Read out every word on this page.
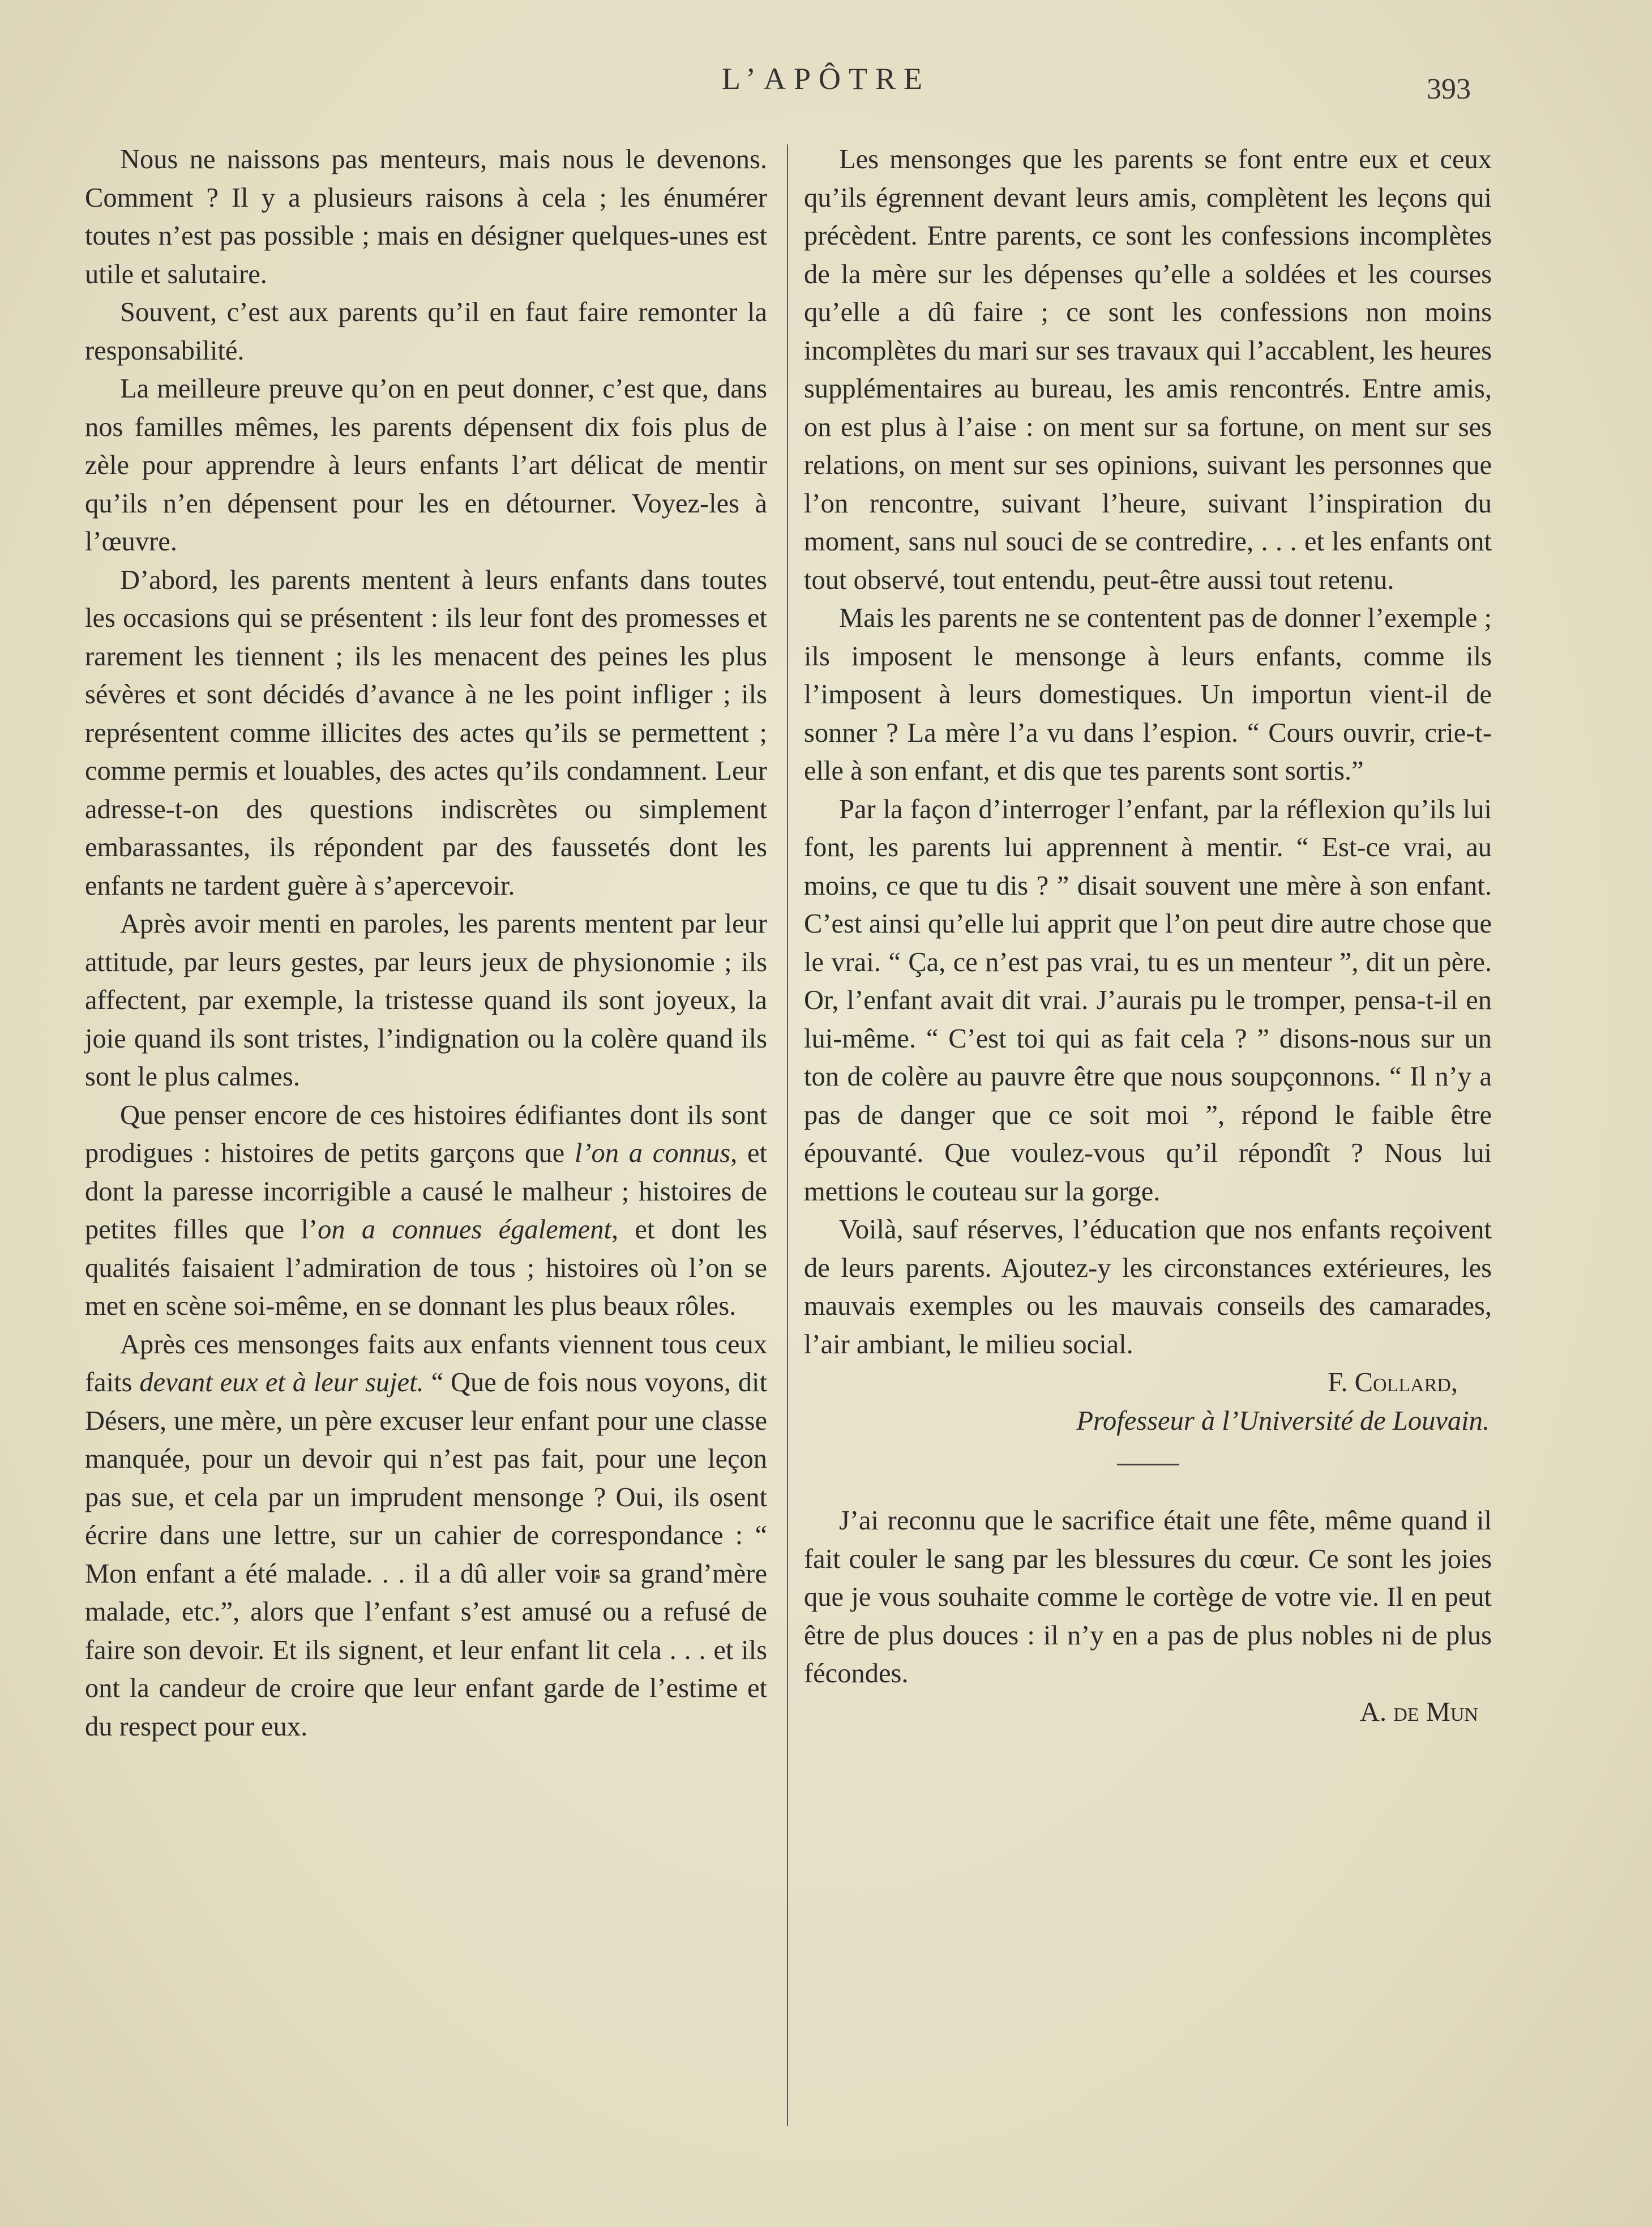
L’APÔTRE	393

Nous ne naissons pas menteurs, mais nous le devenons. Comment ? Il y a plusieurs raisons à cela ; les énumérer toutes n’est pas possible ; mais en désigner quelques-unes est utile et salutaire.

Souvent, c’est aux parents qu’il en faut faire remonter la responsabilité.

La meilleure preuve qu’on en peut donner, c’est que, dans nos familles mêmes, les parents dépensent dix fois plus de zèle pour apprendre à leurs enfants l’art délicat de mentir qu’ils n’en dépensent pour les en détourner. Voyez-les à l’œuvre.

D’abord, les parents mentent à leurs enfants dans toutes les occasions qui se présentent : ils leur font des promesses et rarement les tiennent ; ils les menacent des peines les plus sévères et sont décidés d’avance à ne les point infliger ; ils représentent comme illicites des actes qu’ils se permettent ; comme permis et louables, des actes qu’ils condamnent. Leur adresse-t-on des questions indiscrètes ou simplement embarassantes, ils répondent par des faussetés dont les enfants ne tardent guère à s’apercevoir.

Après avoir menti en paroles, les parents mentent par leur attitude, par leurs gestes, par leurs jeux de physionomie ; ils affectent, par exemple, la tristesse quand ils sont joyeux, la joie quand ils sont tristes, l’indignation ou la colère quand ils sont le plus calmes.

Que penser encore de ces histoires édifiantes dont ils sont prodigues : histoires de petits garçons que l’on a connus, et dont la paresse incorrigible a causé le malheur ; histoires de petites filles que l’on a connues également, et dont les qualités faisaient l’admiration de tous ; histoires où l’on se met en scène soi-même, en se donnant les plus beaux rôles.

Après ces mensonges faits aux enfants viennent tous ceux faits devant eux et à leur sujet. “ Que de fois nous voyons, dit Désers, une mère, un père excuser leur enfant pour une classe manquée, pour un devoir qui n’est pas fait, pour une leçon pas sue, et cela par un imprudent mensonge ? Oui, ils osent écrire dans une lettre, sur un cahier de correspondance : “ Mon enfant a été malade. . . il a dû aller voir sa grand’mère malade, etc.”, alors que l’enfant s’est amusé ou a refusé de faire son devoir. Et ils signent, et leur enfant lit cela . . . et ils ont la candeur de croire que leur enfant garde de l’estime et du respect pour eux.

Les mensonges que les parents se font entre eux et ceux qu’ils égrennent devant leurs amis, complètent les leçons qui précèdent. Entre parents, ce sont les confessions incomplètes de la mère sur les dépenses qu’elle a soldées et les courses qu’elle a dû faire ; ce sont les confessions non moins incomplètes du mari sur ses travaux qui l’accablent, les heures supplémentaires au bureau, les amis rencontrés. Entre amis, on est plus à l’aise : on ment sur sa fortune, on ment sur ses relations, on ment sur ses opinions, suivant les personnes que l’on rencontre, suivant l’heure, suivant l’inspiration du moment, sans nul souci de se contredire, . . . et les enfants ont tout observé, tout entendu, peut-être aussi tout retenu.

Mais les parents ne se contentent pas de donner l’exemple ; ils imposent le mensonge à leurs enfants, comme ils l’imposent à leurs domestiques. Un importun vient-il de sonner ? La mère l’a vu dans l’espion. “ Cours ouvrir, crie-t-elle à son enfant, et dis que tes parents sont sortis.”

Par la façon d’interroger l’enfant, par la réflexion qu’ils lui font, les parents lui apprennent à mentir. “ Est-ce vrai, au moins, ce que tu dis ? ” disait souvent une mère à son enfant. C’est ainsi qu’elle lui apprit que l’on peut dire autre chose que le vrai. “ Ça, ce n’est pas vrai, tu es un menteur ”, dit un père. Or, l’enfant avait dit vrai. J’aurais pu le tromper, pensa-t-il en lui-même. “ C’est toi qui as fait cela ? ” disons-nous sur un ton de colère au pauvre être que nous soupçonnons. “ Il n’y a pas de danger que ce soit moi ”, répond le faible être épouvanté. Que voulez-vous qu’il répondît ? Nous lui mettions le couteau sur la gorge.

Voilà, sauf réserves, l’éducation que nos enfants reçoivent de leurs parents. Ajoutez-y les circonstances extérieures, les mauvais exemples ou les mauvais conseils des camarades, l’air ambiant, le milieu social.

F. Collard,

Professeur à l’Université de Louvain.

J’ai reconnu que le sacrifice était une fête, même quand il fait couler le sang par les blessures du cœur. Ce sont les joies que je vous souhaite comme le cortège de votre vie. Il en peut être de plus douces : il n’y en a pas de plus nobles ni de plus fécondes.

A. de Mun
